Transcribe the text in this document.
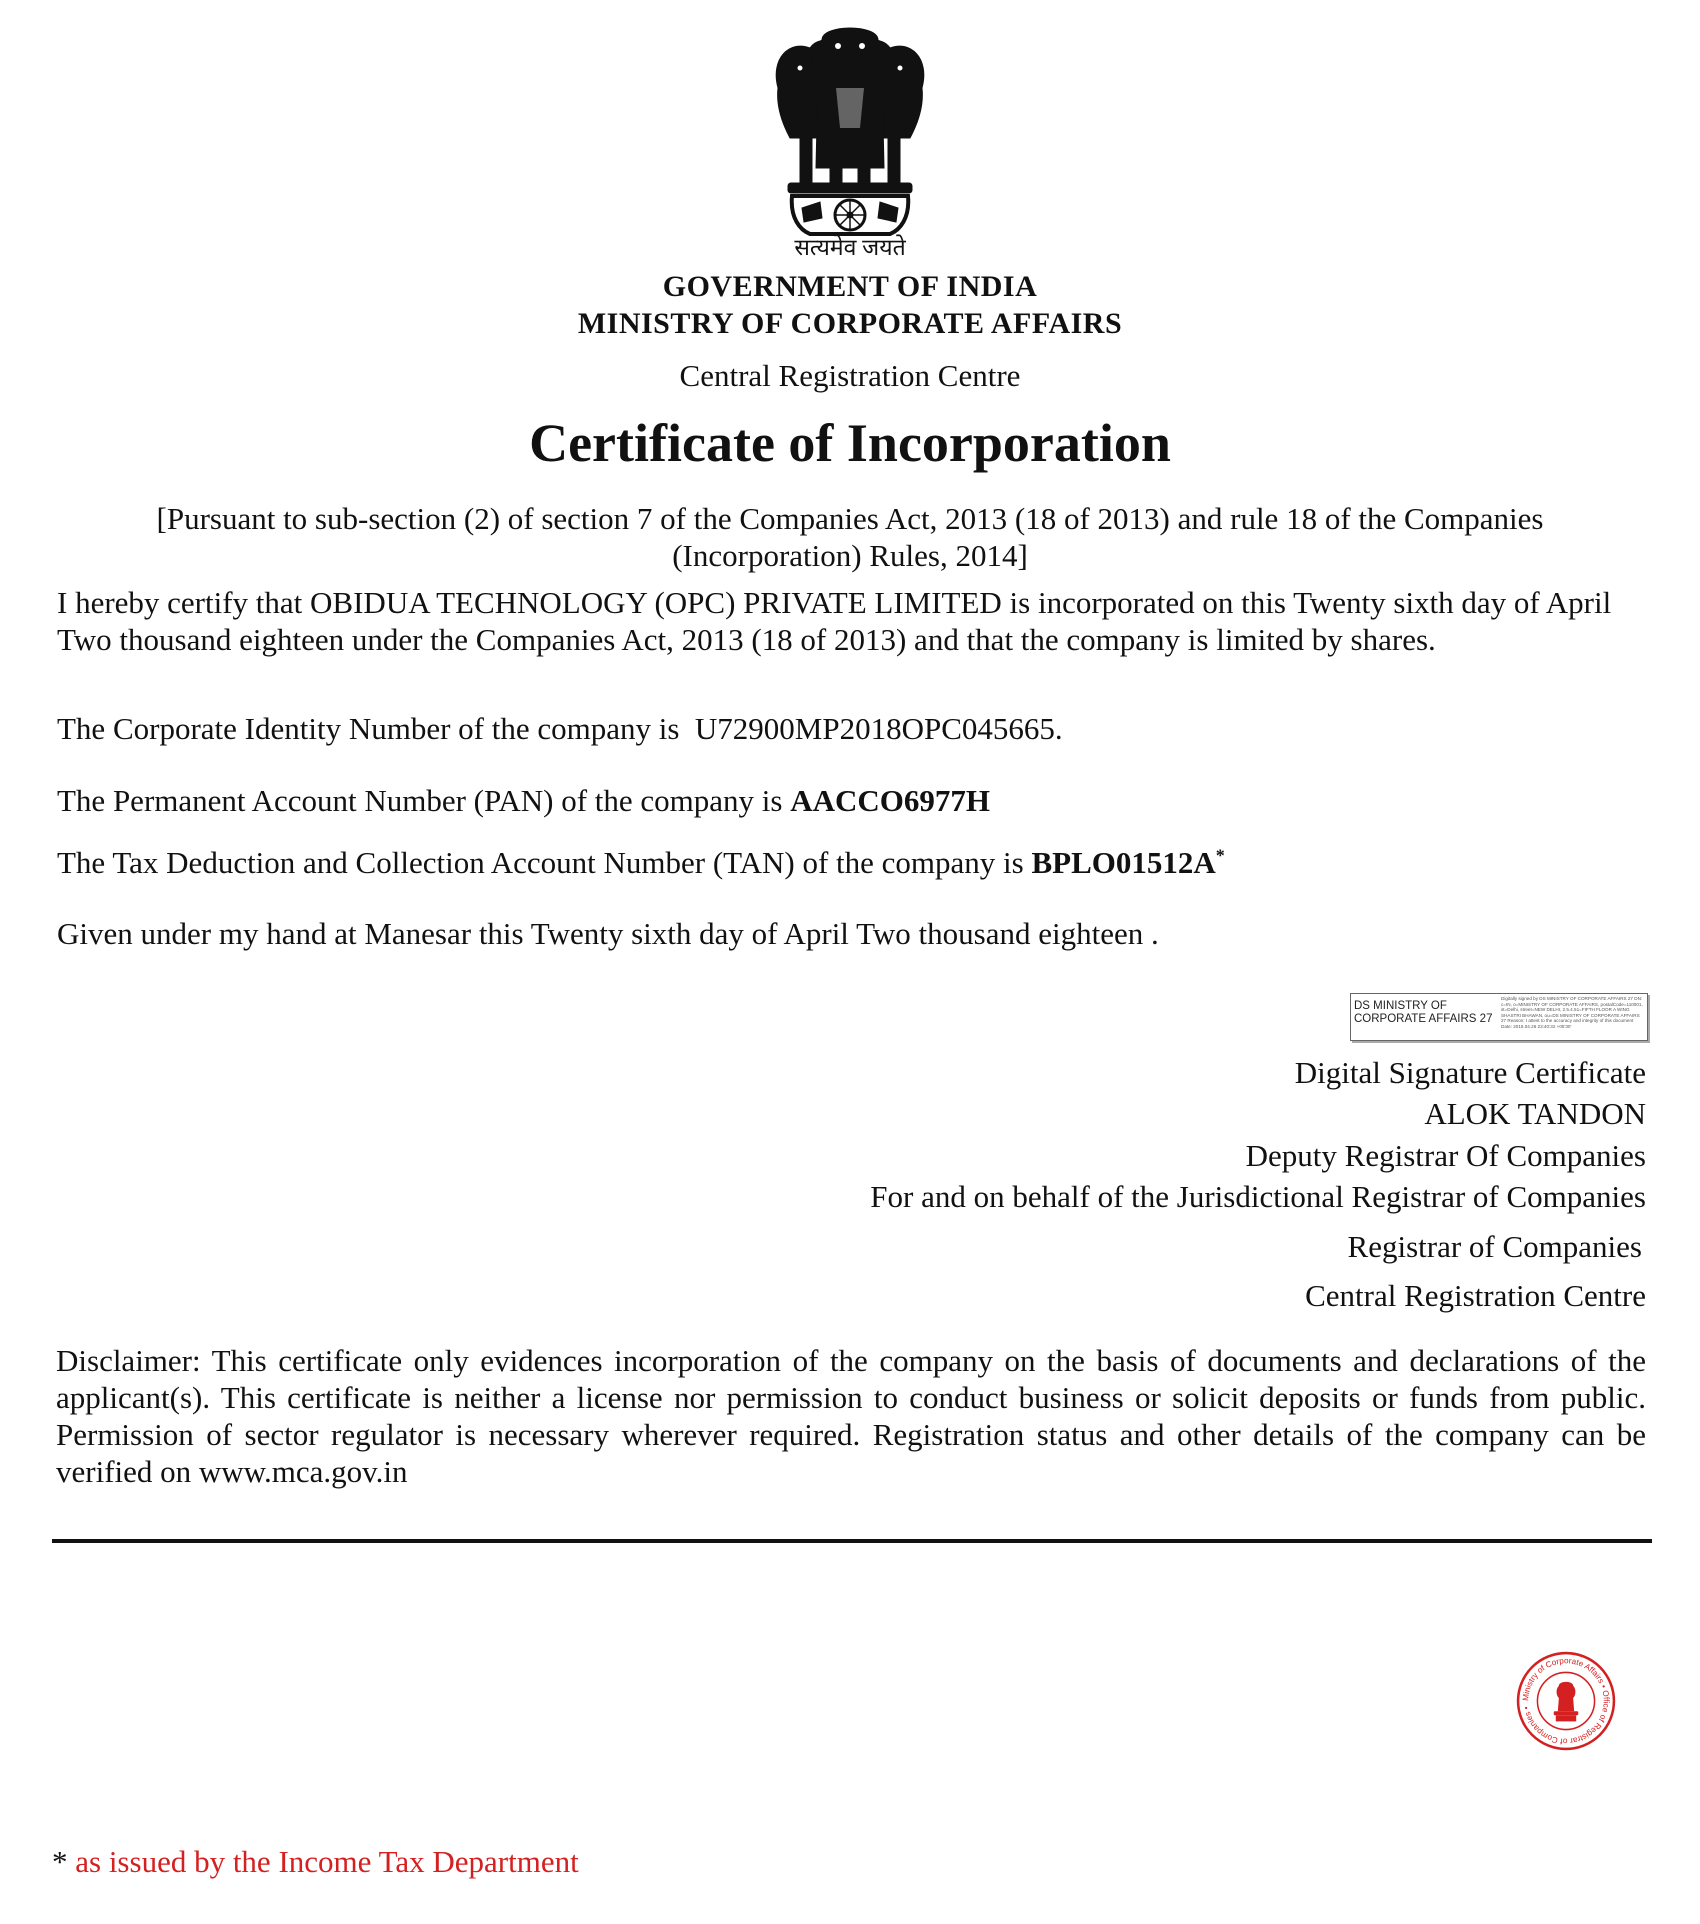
सत्यमेव जयते
GOVERNMENT OF INDIA
MINISTRY OF CORPORATE AFFAIRS
Central Registration Centre
Certificate of Incorporation
[Pursuant to sub-section (2) of section 7 of the Companies Act, 2013 (18 of 2013) and rule 18 of the Companies (Incorporation) Rules, 2014]
I hereby certify that OBIDUA TECHNOLOGY (OPC) PRIVATE LIMITED is incorporated on this Twenty sixth day of April Two thousand eighteen under the Companies Act, 2013 (18 of 2013) and that the company is limited by shares.
The Corporate Identity Number of the company is U72900MP2018OPC045665.
The Permanent Account Number (PAN) of the company is AACCO6977H
The Tax Deduction and Collection Account Number (TAN) of the company is BPLO01512A*
Given under my hand at Manesar this Twenty sixth day of April Two thousand eighteen .
DS MINISTRY OF CORPORATE AFFAIRS 27
Digitally signed by DS MINISTRY OF CORPORATE AFFAIRS 27 DN: c=IN, o=MINISTRY OF CORPORATE AFFAIRS, postalCode=110001, st=Delhi, street=NEW DELHI, 2.5.4.51=FIFTH FLOOR A WING SHASTRI BHAWAN, ou=DS MINISTRY OF CORPORATE AFFAIRS 27 Reason: I attest to the accuracy and integrity of this document Date: 2018.04.26 23:40:32 +05'30'
Digital Signature Certificate
ALOK TANDON
Deputy Registrar Of Companies
For and on behalf of the Jurisdictional Registrar of Companies
Registrar of Companies
Central Registration Centre
Disclaimer: This certificate only evidences incorporation of the company on the basis of documents and declarations of the applicant(s). This certificate is neither a license nor permission to conduct business or solicit deposits or funds from public. Permission of sector regulator is necessary wherever required. Registration status and other details of the company can be verified on www.mca.gov.in
Ministry of Corporate Affairs • Office of Registrar of Companies •
* as issued by the Income Tax Department
